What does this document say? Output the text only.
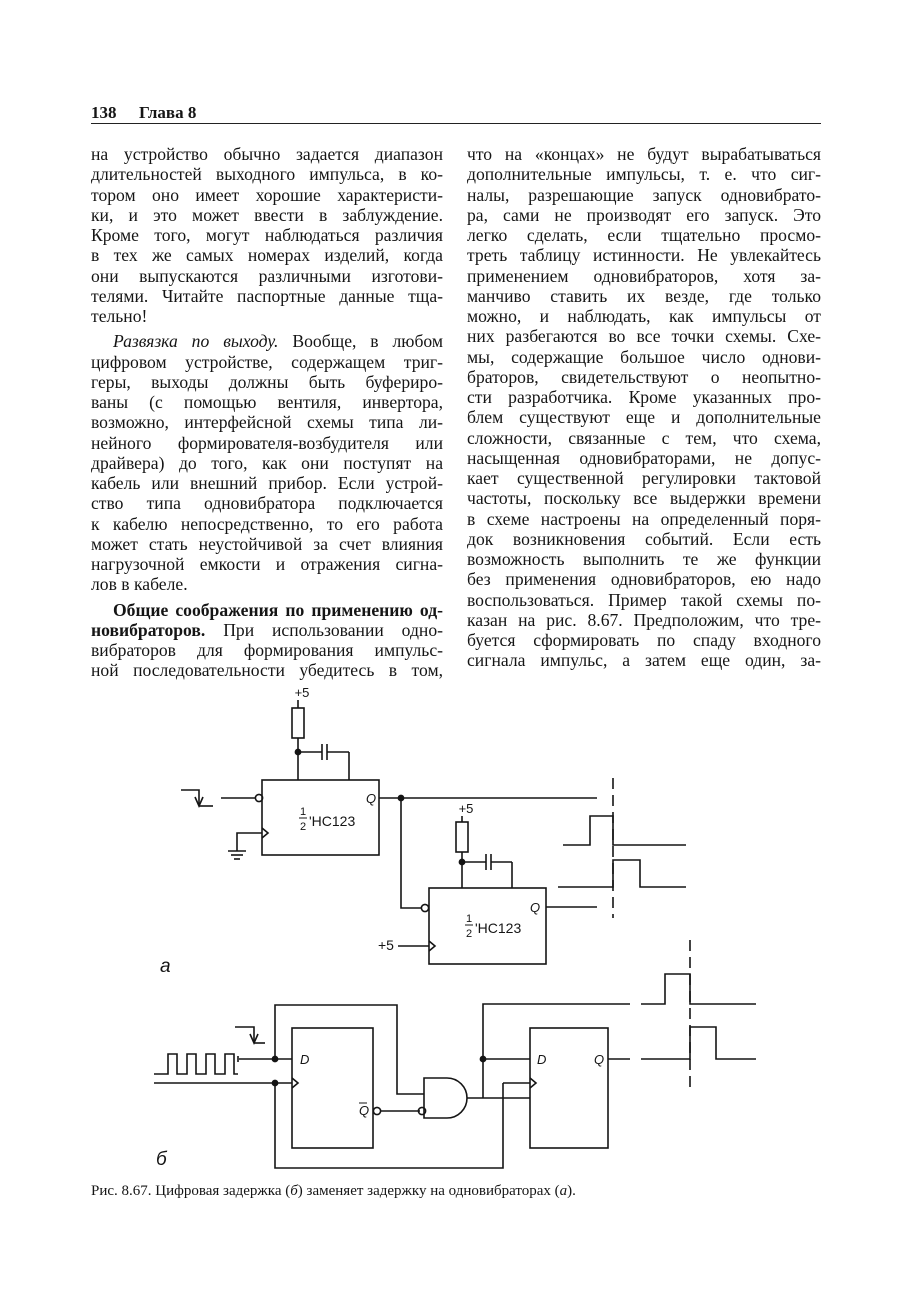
138 Глава 8
на устройство обычно задается диапазон
длительностей выходного импульса, в ко-
тором оно имеет хорошие характеристи-
ки, и это может ввести в заблуждение.
Кроме того, могут наблюдаться различия
в тех же самых номерах изделий, когда
они выпускаются различными изготови-
телями. Читайте паспортные данные тща-
тельно!
Развязка по выходу. Вообще, в любом
цифровом устройстве, содержащем триг-
геры, выходы должны быть буфериро-
ваны (с помощью вентиля, инвертора,
возможно, интерфейсной схемы типа ли-
нейного формирователя-возбудителя или
драйвера) до того, как они поступят на
кабель или внешний прибор. Если устрой-
ство типа одновибратора подключается
к кабелю непосредственно, то его работа
может стать неустойчивой за счет влияния
нагрузочной емкости и отражения сигна-
лов в кабеле.
Общие соображения по применению од-
новибраторов. При использовании одно-
вибраторов для формирования импульс-
ной последовательности убедитесь в том,
что на «концах» не будут вырабатываться
дополнительные импульсы, т. е. что сиг-
налы, разрешающие запуск одновибрато-
ра, сами не производят его запуск. Это
легко сделать, если тщательно просмо-
треть таблицу истинности. Не увлекайтесь
применением одновибраторов, хотя за-
манчиво ставить их везде, где только
можно, и наблюдать, как импульсы от
них разбегаются во все точки схемы. Схе-
мы, содержащие большое число однови-
браторов, свидетельствуют о неопытно-
сти разработчика. Кроме указанных про-
блем существуют еще и дополнительные
сложности, связанные с тем, что схема,
насыщенная одновибраторами, не допус-
кает существенной регулировки тактовой
частоты, поскольку все выдержки времени
в схеме настроены на определенный поря-
док возникновения событий. Если есть
возможность выполнить те же функции
без применения одновибраторов, ею надо
воспользоваться. Пример такой схемы по-
казан на рис. 8.67. Предположим, что тре-
буется сформировать по спаду входного
сигнала импульс, а затем еще один, за-
1
2 'HC123
Q
+5
+5
1
2 'HC123
Q
+5
а
D
Q
D	Q
б
Рис. 8.67. Цифровая задержка (б) заменяет задержку на одновибраторах (а).
